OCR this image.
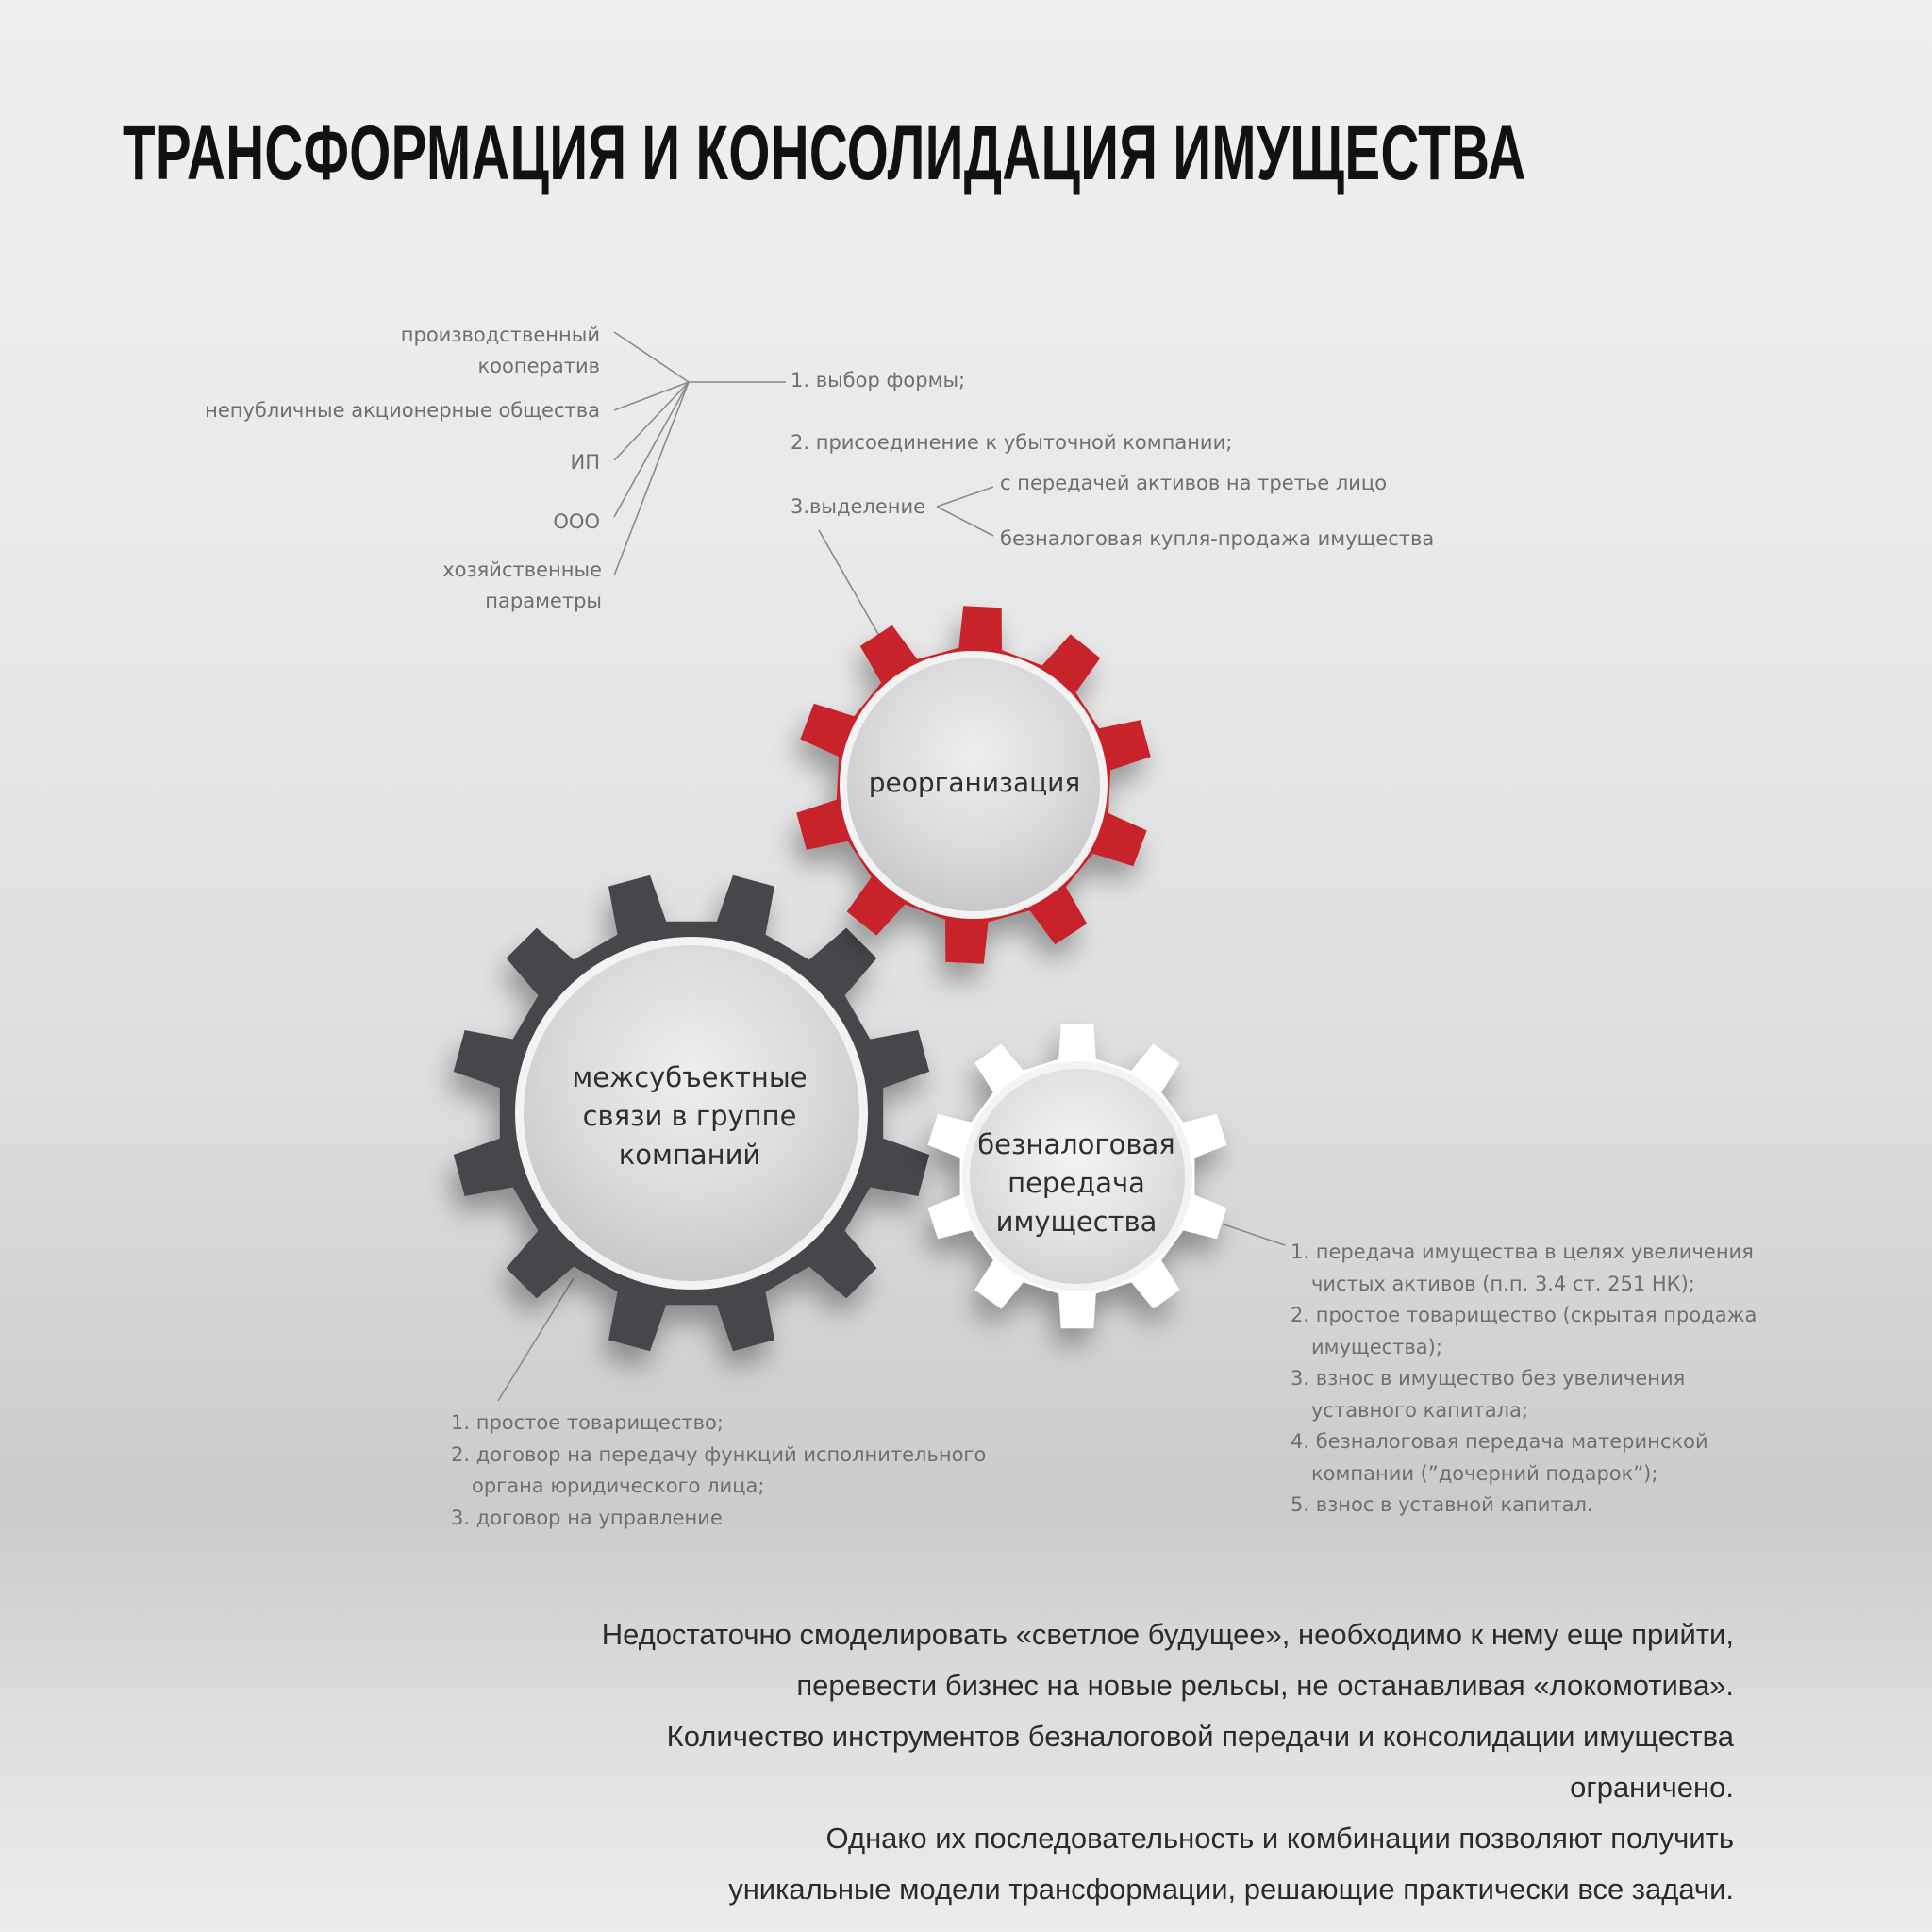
ТРАНСФОРМАЦИЯ И КОНСОЛИДАЦИЯ ИМУЩЕСТВА
производственный
кооператив
непубличные акционерные общества
ИП
ООО
хозяйственные
параметры
1. выбор формы;
2. присоединение к убыточной компании;
3.выделение
с передачей активов на третье лицо
безналоговая купля-продажа имущества
реорганизация
межсубъектные
связи в группе
компаний	безналоговая
передача
имущества
1. простое товарищество;
2. договор на передачу функций исполнительного органа юридического лица;
3. договор на управление
1. передача имущества в целях увеличения чистых активов (п.п. 3.4 ст. 251 НК);
2. простое товарищество (скрытая продажа имущества);
3. взнос в имущество без увеличения уставного капитала;
4. безналоговая передача материнской компании (”дочерний подарок”);
5. взнос в уставной капитал.

Недостаточно смоделировать «светлое будущее», необходимо к нему еще прийти,

перевести бизнес на новые рельсы, не останавливая «локомотива».

Количество инструментов безналоговой передачи и консолидации имущества ограничено.

Однако их последовательность и комбинации позволяют получить

уникальные модели трансформации, решающие практически все задачи.
